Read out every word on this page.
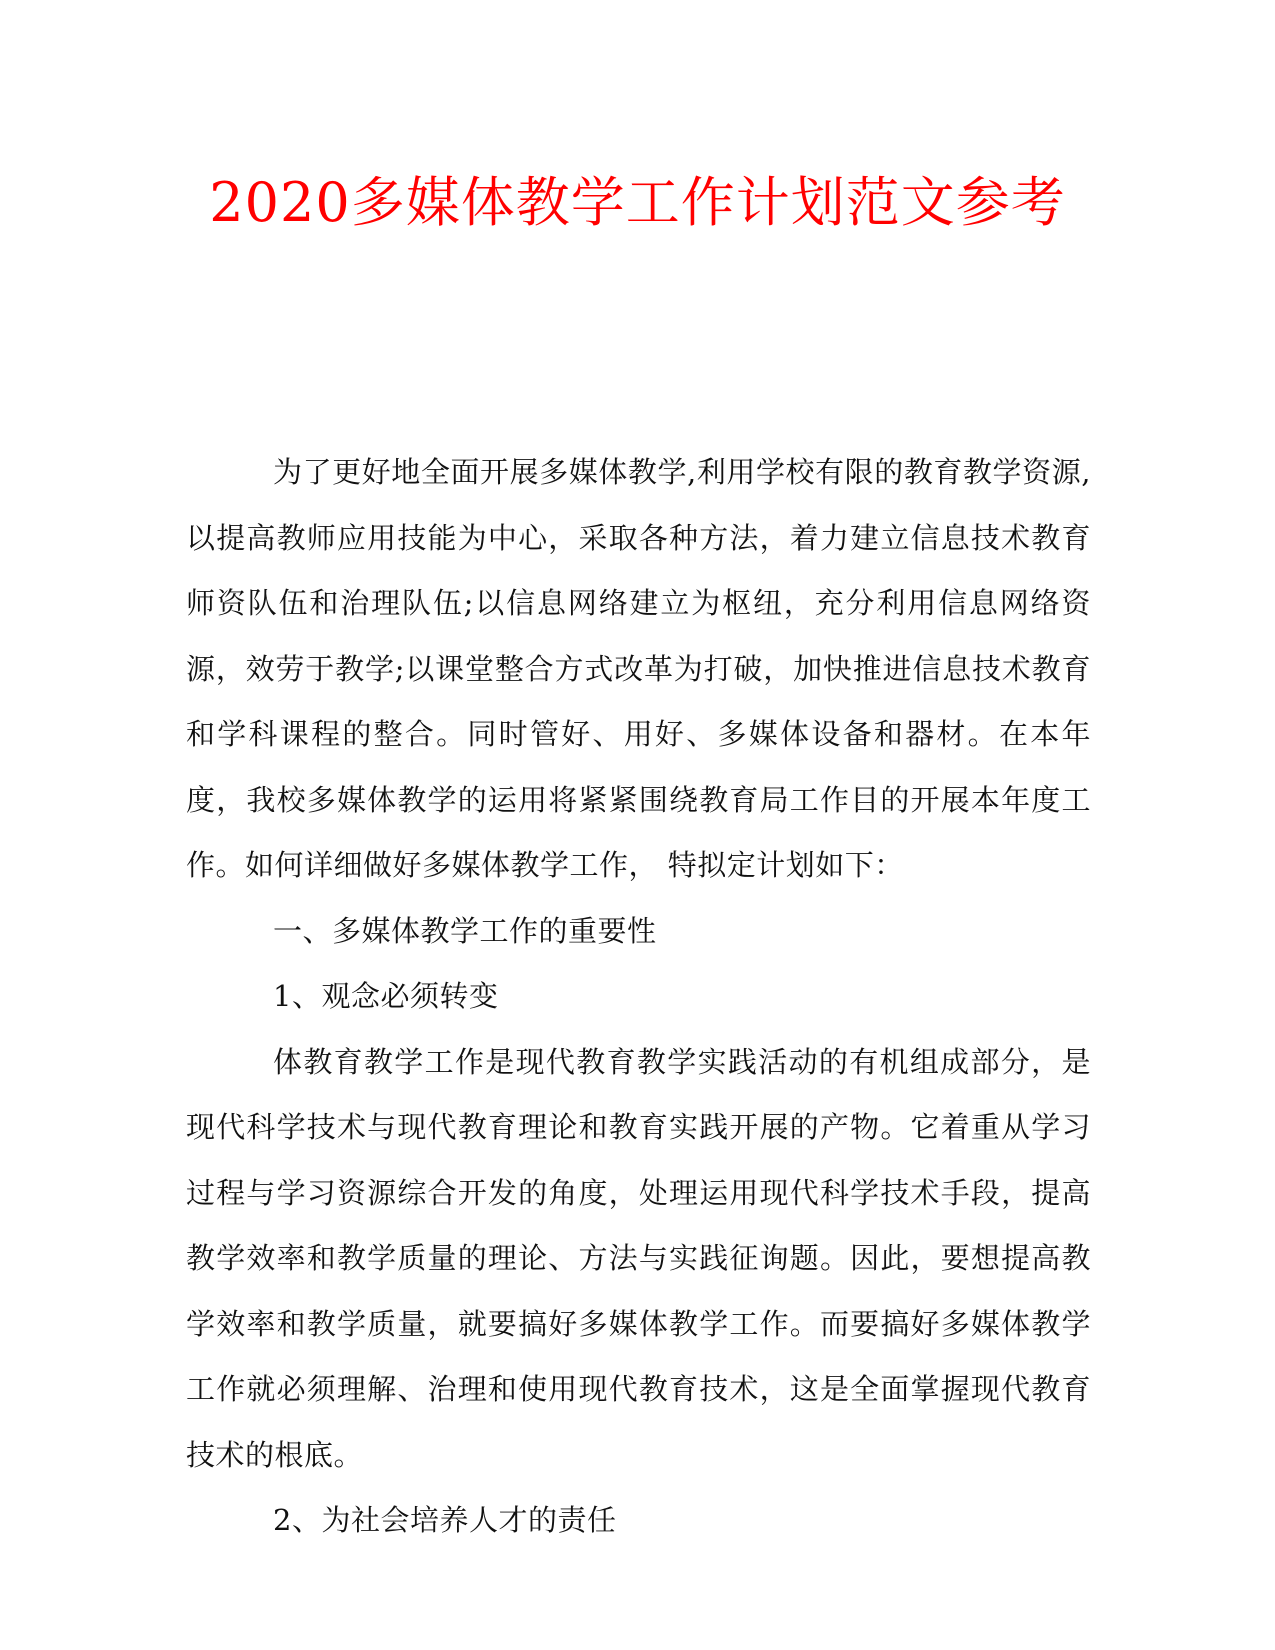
2020多媒体教学工作计划范文参考

为了更好地全面开展多媒体教学,利用学校有限的教育教学资源,以提高教师应用技能为中心，采取各种方法，着力建立信息技术教育师资队伍和治理队伍;以信息网络建立为枢纽，充分利用信息网络资源，效劳于教学;以课堂整合方式改革为打破，加快推进信息技术教育和学科课程的整合。同时管好、用好、多媒体设备和器材。在本年度，我校多媒体教学的运用将紧紧围绕教育局工作目的开展本年度工作。如何详细做好多媒体教学工作， 特拟定计划如下：

一、多媒体教学工作的重要性

1、观念必须转变

体教育教学工作是现代教育教学实践活动的有机组成部分，是现代科学技术与现代教育理论和教育实践开展的产物。它着重从学习过程与学习资源综合开发的角度，处理运用现代科学技术手段，提高教学效率和教学质量的理论、方法与实践征询题。因此，要想提高教学效率和教学质量，就要搞好多媒体教学工作。而要搞好多媒体教学工作就必须理解、治理和使用现代教育技术，这是全面掌握现代教育技术的根底。

2、为社会培养人才的责任
